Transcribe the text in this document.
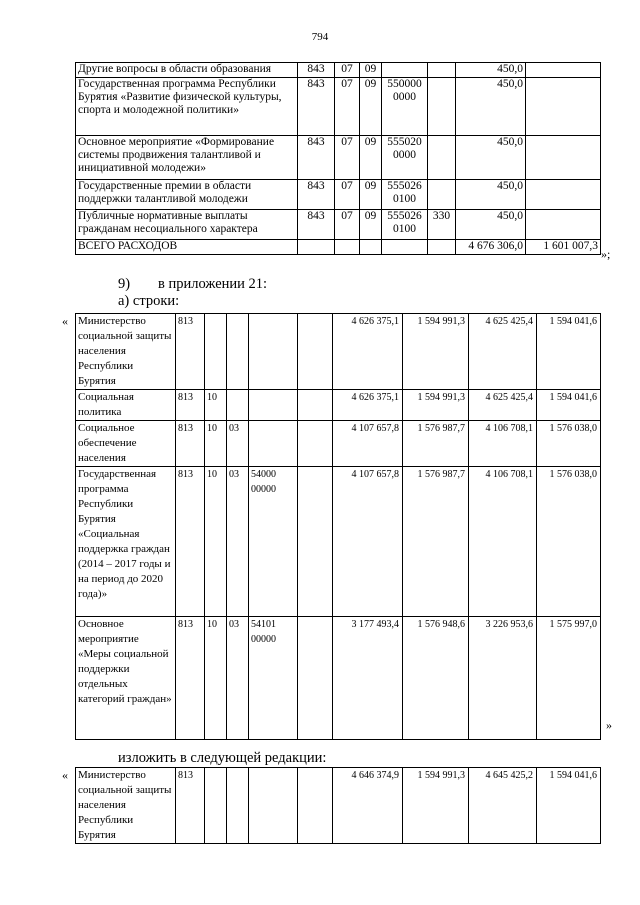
794
Другие вопросы в области образования	843	07	09			450,0	
Государственная программа Республики Бурятия «Развитие физической культуры, спорта и молодежной политики»	843	07	09	550000 0000		450,0	
Основное мероприятие «Формирование системы продвижения талантливой и инициативной молодежи»	843	07	09	555020 0000		450,0	
Государственные премии в области поддержки талантливой молодежи	843	07	09	555026 0100		450,0	
Публичные нормативные выплаты гражданам несоциального характера	843	07	09	555026 0100	330	450,0	
ВСЕГО РАСХОДОВ						4 676 306,0	1 601 007,3
»;
9) в приложении 21:
а) строки:
« Министерство социальной защиты населения Республики Бурятия	813					4 626 375,1	1 594 991,3	4 625 425,4	1 594 041,6
Социальная политика	813	10				4 626 375,1	1 594 991,3	4 625 425,4	1 594 041,6
Социальное обеспечение населения	813	10	03			4 107 657,8	1 576 987,7	4 106 708,1	1 576 038,0
Государственная программа Республики Бурятия «Социальная поддержка граждан (2014 – 2017 годы и на период до 2020 года)»	813	10	03	54000 00000		4 107 657,8	1 576 987,7	4 106 708,1	1 576 038,0
Основное мероприятие «Меры социальной поддержки отдельных категорий граждан»	813	10	03	54101 00000		3 177 493,4	1 576 948,6	3 226 953,6	1 575 997,0
»
изложить в следующей редакции:
« Министерство социальной защиты населения Республики Бурятия	813					4 646 374,9	1 594 991,3	4 645 425,2	1 594 041,6
